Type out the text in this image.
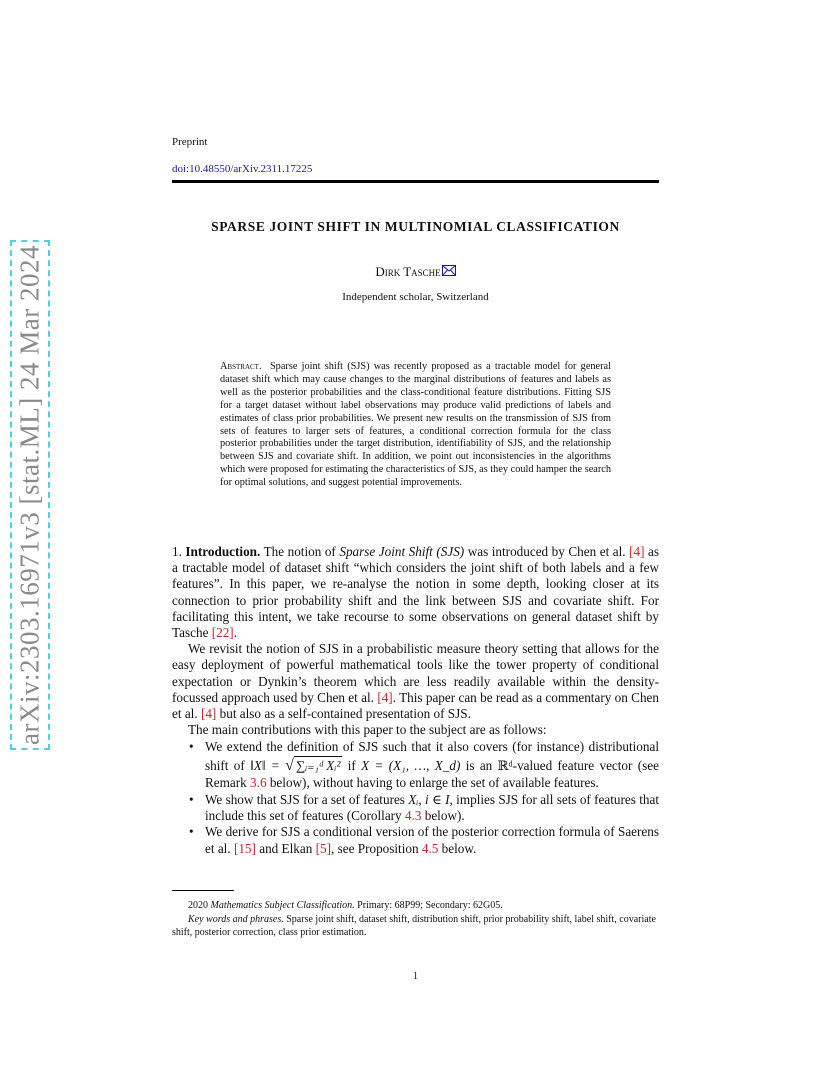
arXiv:2303.16971v3 [stat.ML] 24 Mar 2024
Preprint
doi:10.48550/arXiv.2311.17225
SPARSE JOINT SHIFT IN MULTINOMIAL CLASSIFICATION
Dirk Tasche
Independent scholar, Switzerland
Abstract. Sparse joint shift (SJS) was recently proposed as a tractable model for general dataset shift which may cause changes to the marginal distributions of features and labels as well as the posterior probabilities and the class-conditional feature distributions. Fitting SJS for a target dataset without label observations may produce valid predictions of labels and estimates of class prior probabilities. We present new results on the transmission of SJS from sets of features to larger sets of features, a conditional correction formula for the class posterior probabilities under the target distribution, identifiability of SJS, and the relationship between SJS and covariate shift. In addition, we point out inconsistencies in the algorithms which were proposed for estimating the characteristics of SJS, as they could hamper the search for optimal solutions, and suggest potential improvements.

1. Introduction. The notion of Sparse Joint Shift (SJS) was introduced by Chen et al. [4] as a tractable model of dataset shift “which considers the joint shift of both labels and a few features”. In this paper, we re-analyse the notion in some depth, looking closer at its connection to prior probability shift and the link between SJS and covariate shift. For facilitating this intent, we take recourse to some observations on general dataset shift by Tasche [22].

We revisit the notion of SJS in a probabilistic measure theory setting that allows for the easy deployment of powerful mathematical tools like the tower property of conditional expectation or Dynkin’s theorem which are less readily available within the density-focussed approach used by Chen et al. [4]. This paper can be read as a commentary on Chen et al. [4] but also as a self-contained presentation of SJS.

The main contributions with this paper to the subject are as follows:

• We extend the definition of SJS such that it also covers (for instance) distributional shift of ‖X‖ = √ ∑ᵢ₌₁ᵈ Xᵢ² if X = (X₁, …, X_d) is an ℝᵈ-valued feature vector (see Remark 3.6 below), without having to enlarge the set of available features.
• We show that SJS for a set of features Xᵢ, i ∈ I, implies SJS for all sets of features that include this set of features (Corollary 4.3 below).
• We derive for SJS a conditional version of the posterior correction formula of Saerens et al. [15] and Elkan [5], see Proposition 4.5 below.
2020 Mathematics Subject Classification. Primary: 68P99; Secondary: 62G05.
Key words and phrases. Sparse joint shift, dataset shift, distribution shift, prior probability shift, label shift, covariate shift, posterior correction, class prior estimation.
1
